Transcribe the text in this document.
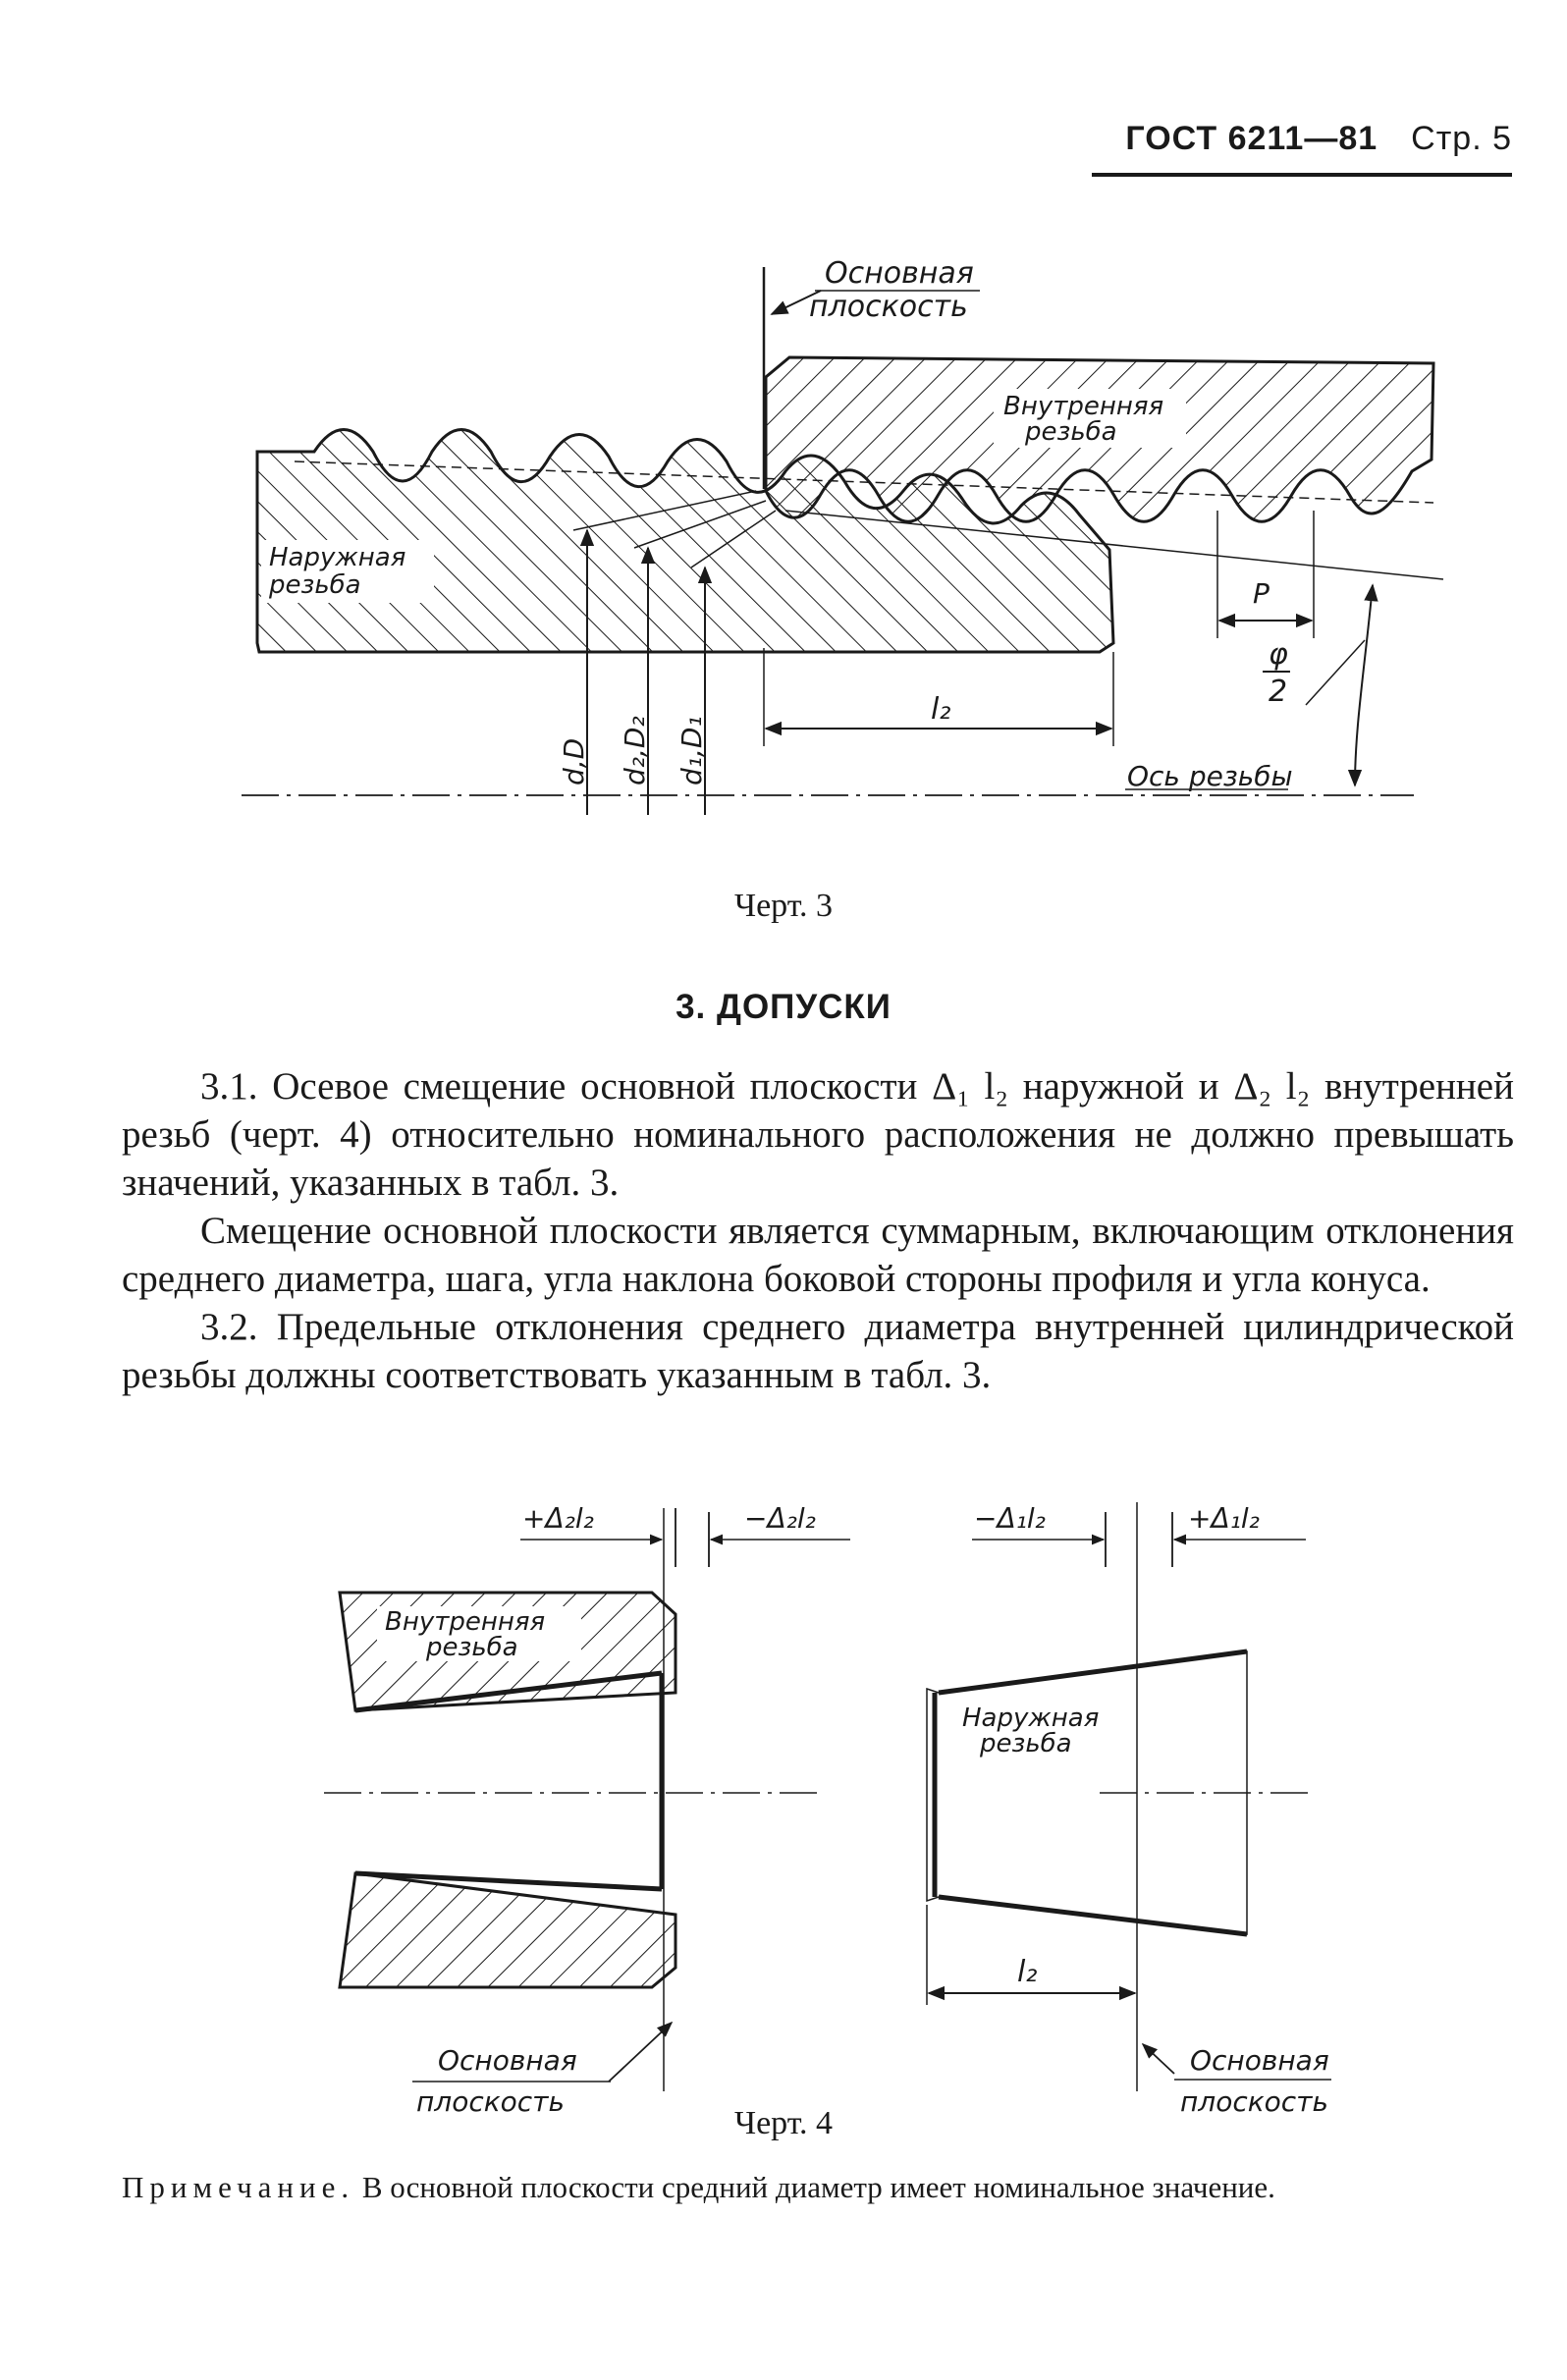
ГОСТ 6211—81 Стр. 5
Внутренняя
резьба
Наружная
резьба
Основная
плоскость
d,D d₂,D₂ d₁,D₁
l₂
P
φ
2
Ось резьбы
+Δ₂l₂	−Δ₂l₂
Внутренняя
резьба
Основная
плоскость
−Δ₁l₂	+Δ₁l₂
Наружная
резьба
l₂
Основная
плоскость
Черт. 3
3. ДОПУСКИ

3.1. Осевое смещение основной плоскости Δ₁ l₂ наружной и Δ₂ l₂ внутренней резьб (черт. 4) относительно номинального расположения не должно превышать значений, указанных в табл. 3.

Смещение основной плоскости является суммарным, включающим отклонения среднего диаметра, шага, угла наклона боковой стороны профиля и угла конуса.

3.2. Предельные отклонения среднего диаметра внутренней цилиндрической резьбы должны соответствовать указанным в табл. 3.

Черт. 4
Примечание. В основной плоскости средний диаметр имеет номинальное значение.
